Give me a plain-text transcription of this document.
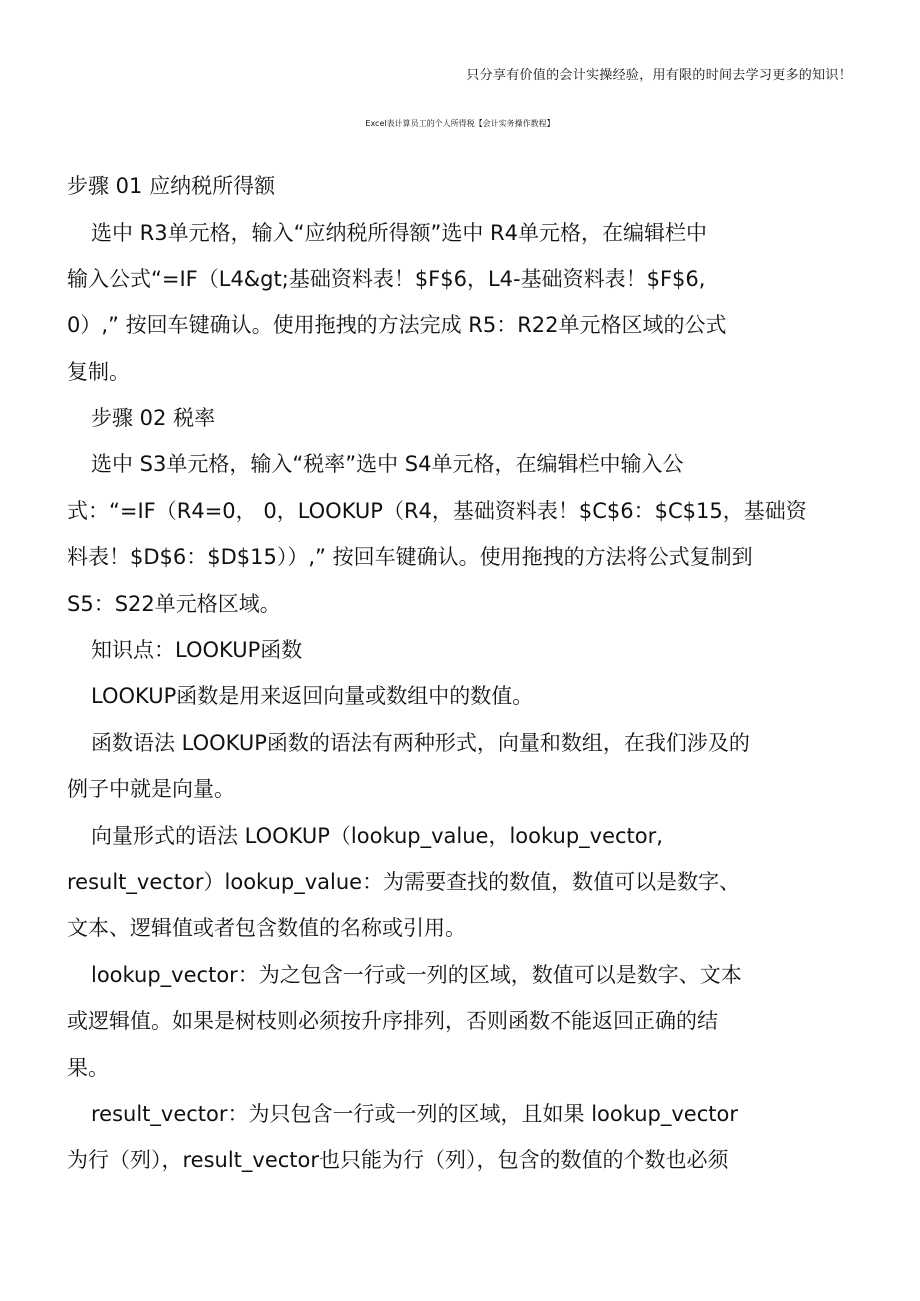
只分享有价值的会计实操经验，用有限的时间去学习更多的知识！
Excel表计算员工的个人所得税【会计实务操作教程】
步骤 01 应纳税所得额
选中 R3单元格，输入“应纳税所得额”选中 R4单元格，在编辑栏中
输入公式“=IF（L4&gt;基础资料表！$F$6，L4-基础资料表！$F$6,
0）,” 按回车键确认。使用拖拽的方法完成 R5：R22单元格区域的公式
复制。
步骤 02 税率
选中 S3单元格，输入“税率”选中 S4单元格，在编辑栏中输入公
式：“=IF（R4=0， 0，LOOKUP（R4，基础资料表！$C$6：$C$15，基础资
料表！$D$6：$D$15））,” 按回车键确认。使用拖拽的方法将公式复制到
S5：S22单元格区域。
知识点：LOOKUP函数
LOOKUP函数是用来返回向量或数组中的数值。
函数语法 LOOKUP函数的语法有两种形式，向量和数组，在我们涉及的
例子中就是向量。
向量形式的语法 LOOKUP（lookup_value，lookup_vector,
result_vector）lookup_value：为需要查找的数值，数值可以是数字、
文本、逻辑值或者包含数值的名称或引用。
lookup_vector：为之包含一行或一列的区域，数值可以是数字、文本
或逻辑值。如果是树枝则必须按升序排列，否则函数不能返回正确的结
果。
result_vector：为只包含一行或一列的区域，且如果 lookup_vector
为行（列），result_vector也只能为行（列），包含的数值的个数也必须
